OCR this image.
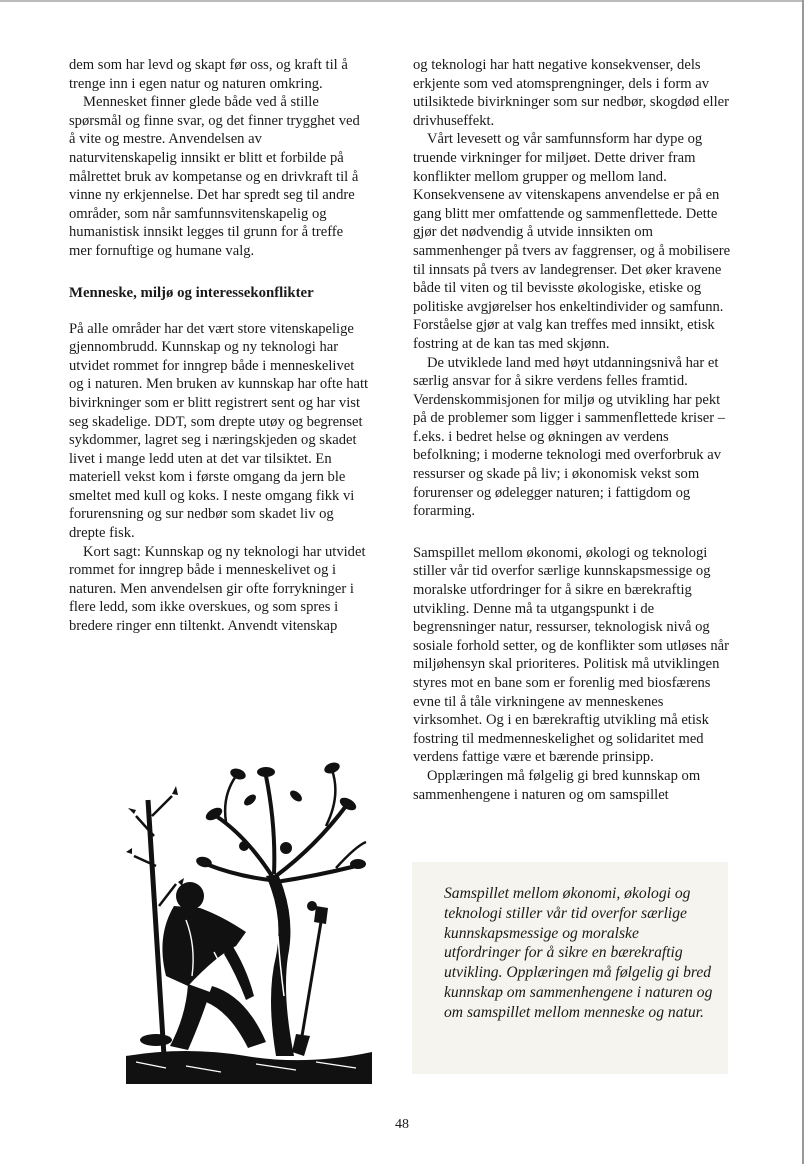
dem som har levd og skapt før oss, og kraft til å trenge inn i egen natur og naturen omkring.

Mennesket finner glede både ved å stille spørsmål og finne svar, og det finner trygghet ved å vite og mestre. Anvendelsen av naturvitenskapelig innsikt er blitt et forbilde på målrettet bruk av kompetanse og en drivkraft til å vinne ny erkjennelse. Det har spredt seg til andre områder, som når samfunnsvitenskapelig og humanistisk innsikt legges til grunn for å treffe mer fornuftige og humane valg.

Menneske, miljø og interessekonflikter

På alle områder har det vært store vitenskapelige gjennombrudd. Kunnskap og ny teknologi har utvidet rommet for inngrep både i menneskelivet og i naturen. Men bruken av kunnskap har ofte hatt bivirkninger som er blitt registrert sent og har vist seg skadelige. DDT, som drepte utøy og begrenset sykdommer, lagret seg i næringskjeden og skadet livet i mange ledd uten at det var tilsiktet. En materiell vekst kom i første omgang da jern ble smeltet med kull og koks. I neste omgang fikk vi forurensning og sur nedbør som skadet liv og drepte fisk.

Kort sagt: Kunnskap og ny teknologi har utvidet rommet for inngrep både i menneskelivet og i naturen. Men anvendelsen gir ofte forrykninger i flere ledd, som ikke overskues, og som spres i bredere ringer enn tiltenkt. Anvendt vitenskap

og teknologi har hatt negative konsekvenser, dels erkjente som ved atomsprengninger, dels i form av utilsiktede bivirkninger som sur nedbør, skogdød eller drivhuseffekt.

Vårt levesett og vår samfunnsform har dype og truende virkninger for miljøet. Dette driver fram konflikter mellom grupper og mellom land. Konsekvensene av vitenskapens anvendelse er på en gang blitt mer omfattende og sammenflettede. Dette gjør det nødvendig å utvide innsikten om sammenhenger på tvers av faggrenser, og å mobilisere til innsats på tvers av landegrenser. Det øker kravene både til viten og til bevisste økologiske, etiske og politiske avgjørelser hos enkeltindivider og samfunn. Forståelse gjør at valg kan treffes med innsikt, etisk fostring at de kan tas med skjønn.

De utviklede land med høyt utdanningsnivå har et særlig ansvar for å sikre verdens felles framtid. Verdenskommisjonen for miljø og utvikling har pekt på de problemer som ligger i sammenflettede kriser – f.eks. i bedret helse og økningen av verdens befolkning; i moderne teknologi med overforbruk av ressurser og skade på liv; i økonomisk vekst som forurenser og ødelegger naturen; i fattigdom og forarming.

Samspillet mellom økonomi, økologi og teknologi stiller vår tid overfor særlige kunnskapsmessige og moralske utfordringer for å sikre en bærekraftig utvikling. Denne må ta utgangspunkt i de begrensninger natur, ressurser, teknologisk nivå og sosiale forhold setter, og de konflikter som utløses når miljøhensyn skal prioriteres. Politisk må utviklingen styres mot en bane som er forenlig med biosfærens evne til å tåle virkningene av menneskenes virksomhet. Og i en bærekraftig utvikling må etisk fostring til medmenneskelighet og solidaritet med verdens fattige være et bærende prinsipp.

Opplæringen må følgelig gi bred kunnskap om sammenhengene i naturen og om samspillet

Samspillet mellom økonomi, økologi og teknologi stiller vår tid overfor særlige kunnskapsmessige og moralske utfordringer for å sikre en bærekraftig utvikling. Opplæringen må følgelig gi bred kunnskap om sammenhengene i naturen og om samspillet mellom menneske og natur.

48
